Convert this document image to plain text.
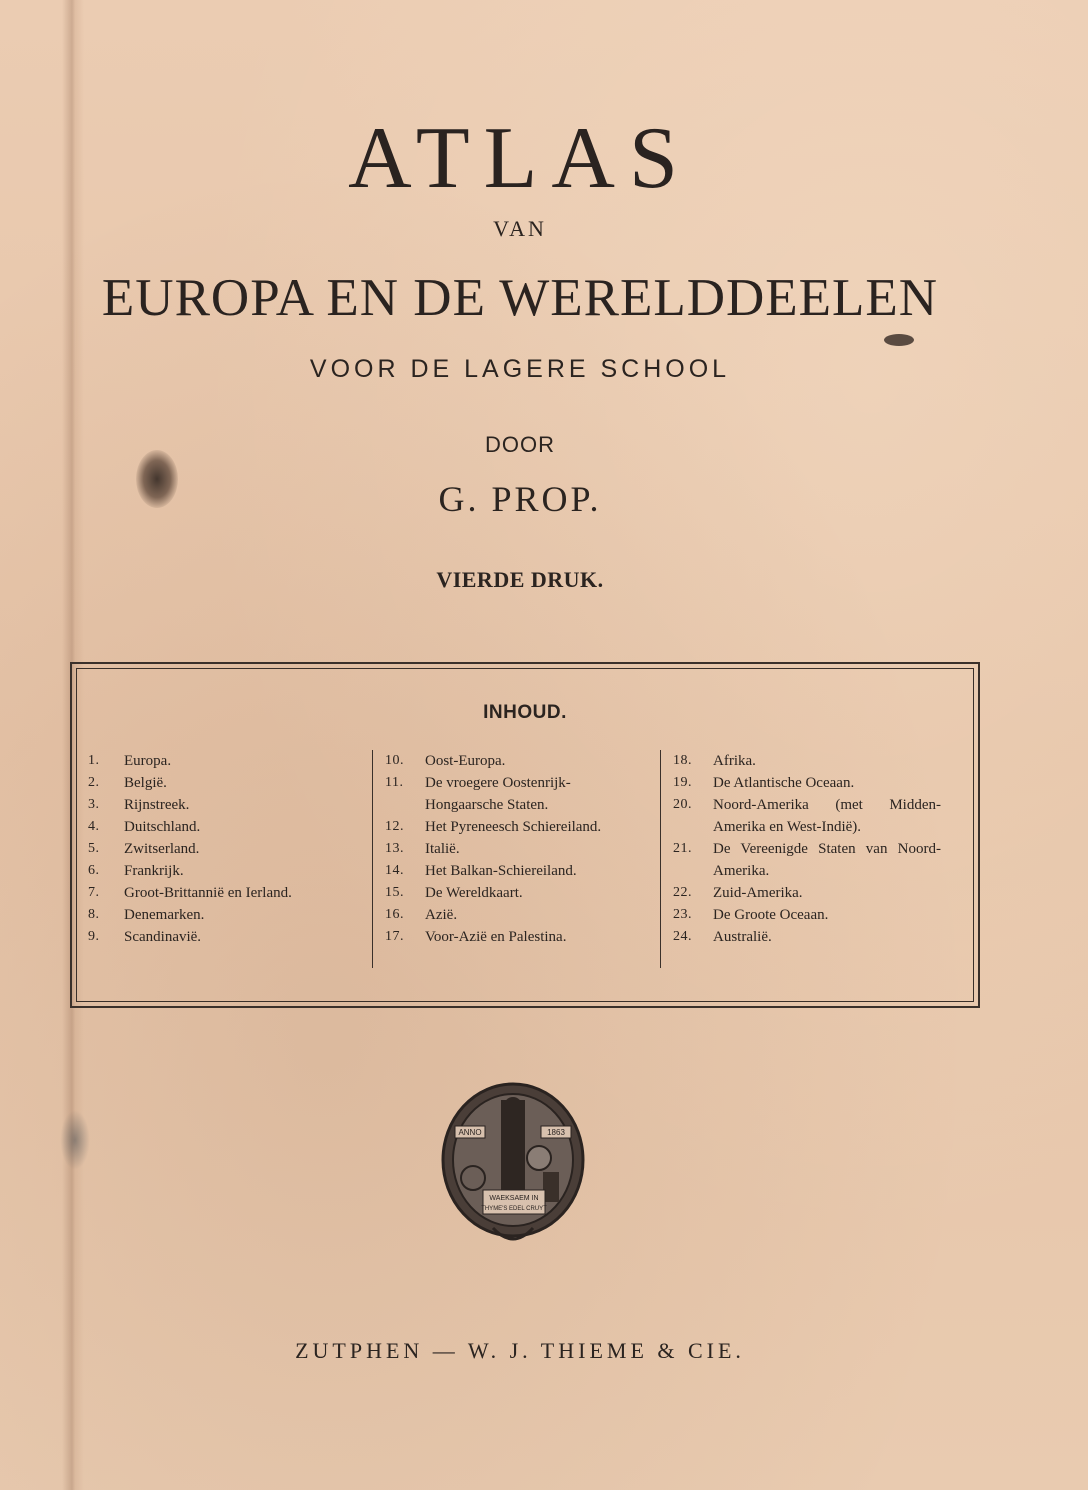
ATLAS
VAN
EUROPA EN DE WERELDDEELEN
VOOR DE LAGERE SCHOOL
DOOR
G. PROP.
VIERDE DRUK.
INHOUD.
1.	Europa.
2.	België.
3.	Rijnstreek.
4.	Duitschland.
5.	Zwitserland.
6.	Frankrijk.
7.	Groot-Brittannië en Ierland.
8.	Denemarken.
9.	Scandinavië.
10.	Oost-Europa.
11.	De vroegere Oostenrijk-Hongaarsche Staten.
12.	Het Pyreneesch Schiereiland.
13.	Italië.
14.	Het Balkan-Schiereiland.
15.	De Wereldkaart.
16.	Azië.
17.	Voor-Azië en Palestina.
18.	Afrika.
19.	De Atlantische Oceaan.
20.	Noord-Amerika (met Midden-Amerika en West-Indië).
21.	De Vereenigde Staten van Noord-Amerika.
22.	Zuid-Amerika.
23.	De Groote Oceaan.
24.	Australië.
ANNO	1863
WAEKSAEM IN
THYME'S EDEL CRUYT
ZUTPHEN — W. J. THIEME & CIE.
